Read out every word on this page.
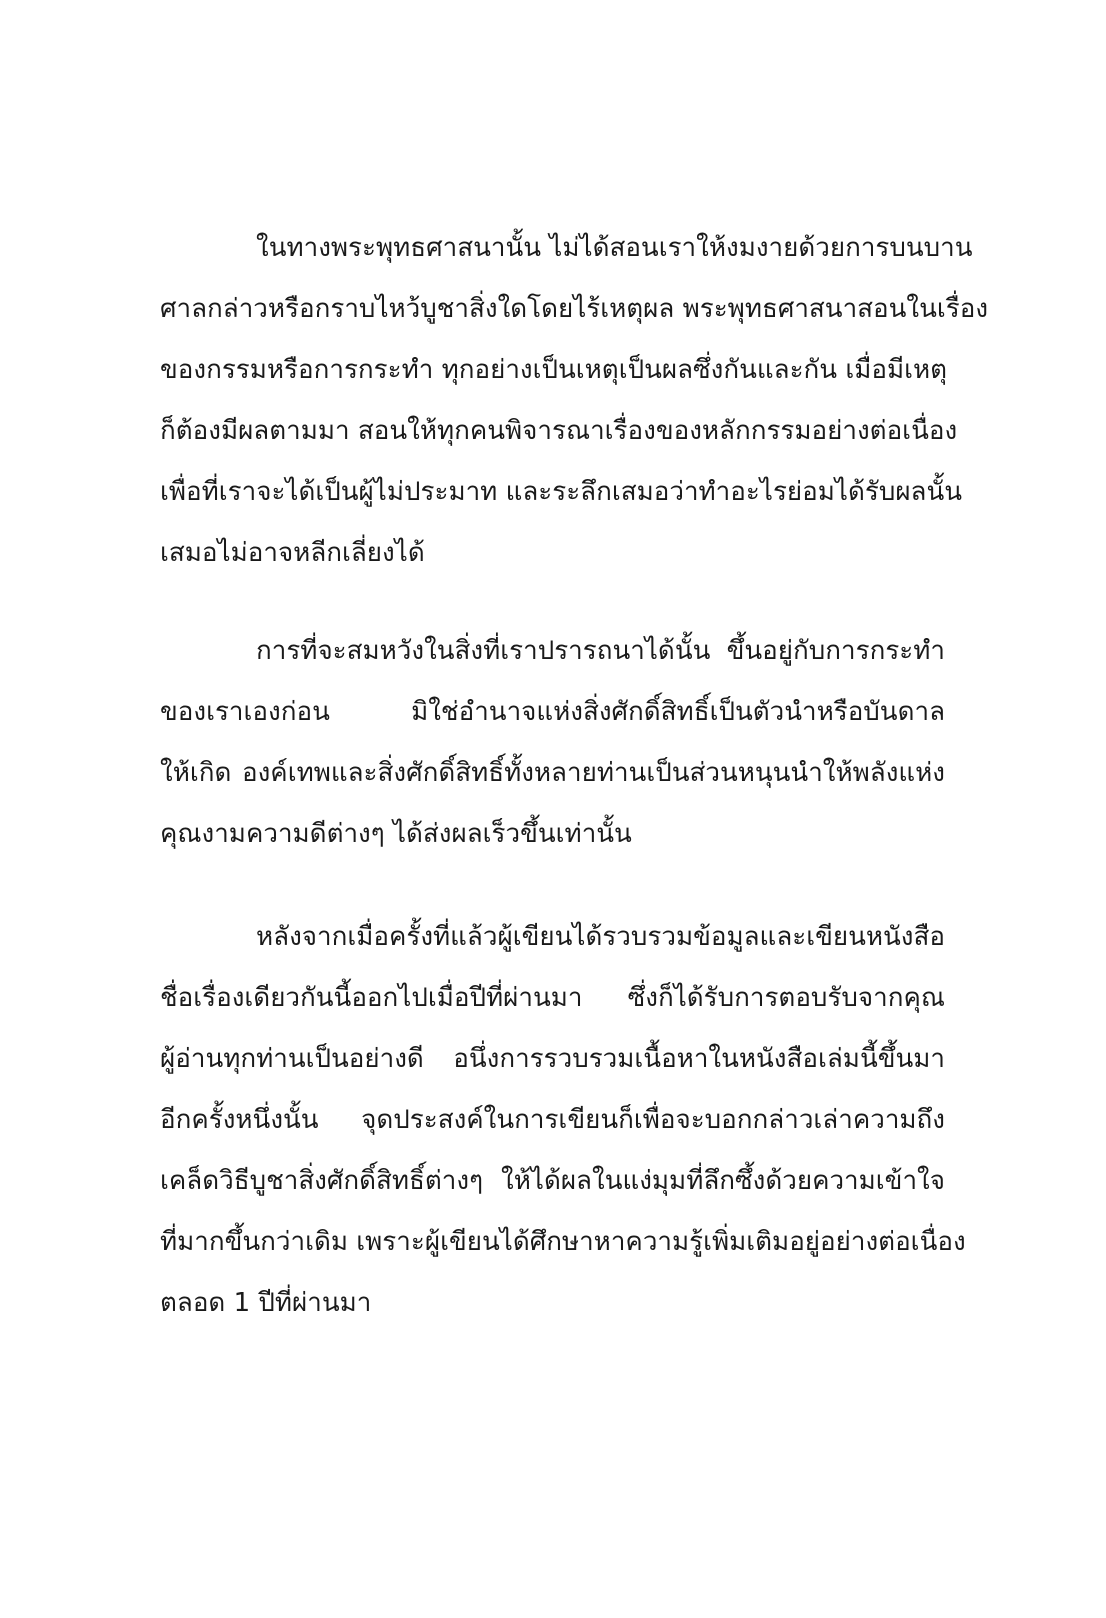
ในทางพระพุทธศาสนานั้น ไม่ได้สอนเราให้งมงายด้วยการบนบาน
ศาลกล่าวหรือกราบไหว้บูชาสิ่งใดโดยไร้เหตุผล พระพุทธศาสนาสอนในเรื่อง
ของกรรมหรือการกระทำ ทุกอย่างเป็นเหตุเป็นผลซึ่งกันและกัน เมื่อมีเหตุ
ก็ต้องมีผลตามมา สอนให้ทุกคนพิจารณาเรื่องของหลักกรรมอย่างต่อเนื่อง
เพื่อที่เราจะได้เป็นผู้ไม่ประมาท และระลึกเสมอว่าทำอะไรย่อมได้รับผลนั้น
เสมอไม่อาจหลีกเลี่ยงได้
การที่จะสมหวังในสิ่งที่เราปรารถนาได้นั้น ขึ้นอยู่กับการกระทำ
ของเราเองก่อน มิใช่อำนาจแห่งสิ่งศักดิ์สิทธิ์เป็นตัวนำหรือบันดาล
ให้เกิด องค์เทพและสิ่งศักดิ์สิทธิ์ทั้งหลายท่านเป็นส่วนหนุนนำให้พลังแห่ง
คุณงามความดีต่างๆ ได้ส่งผลเร็วขึ้นเท่านั้น
หลังจากเมื่อครั้งที่แล้วผู้เขียนได้รวบรวมข้อมูลและเขียนหนังสือ
ชื่อเรื่องเดียวกันนี้ออกไปเมื่อปีที่ผ่านมา ซึ่งก็ได้รับการตอบรับจากคุณ
ผู้อ่านทุกท่านเป็นอย่างดี อนึ่งการรวบรวมเนื้อหาในหนังสือเล่มนี้ขึ้นมา
อีกครั้งหนึ่งนั้น จุดประสงค์ในการเขียนก็เพื่อจะบอกกล่าวเล่าความถึง
เคล็ดวิธีบูชาสิ่งศักดิ์สิทธิ์ต่างๆ ให้ได้ผลในแง่มุมที่ลึกซึ้งด้วยความเข้าใจ
ที่มากขึ้นกว่าเดิม เพราะผู้เขียนได้ศึกษาหาความรู้เพิ่มเติมอยู่อย่างต่อเนื่อง
ตลอด 1 ปีที่ผ่านมา
